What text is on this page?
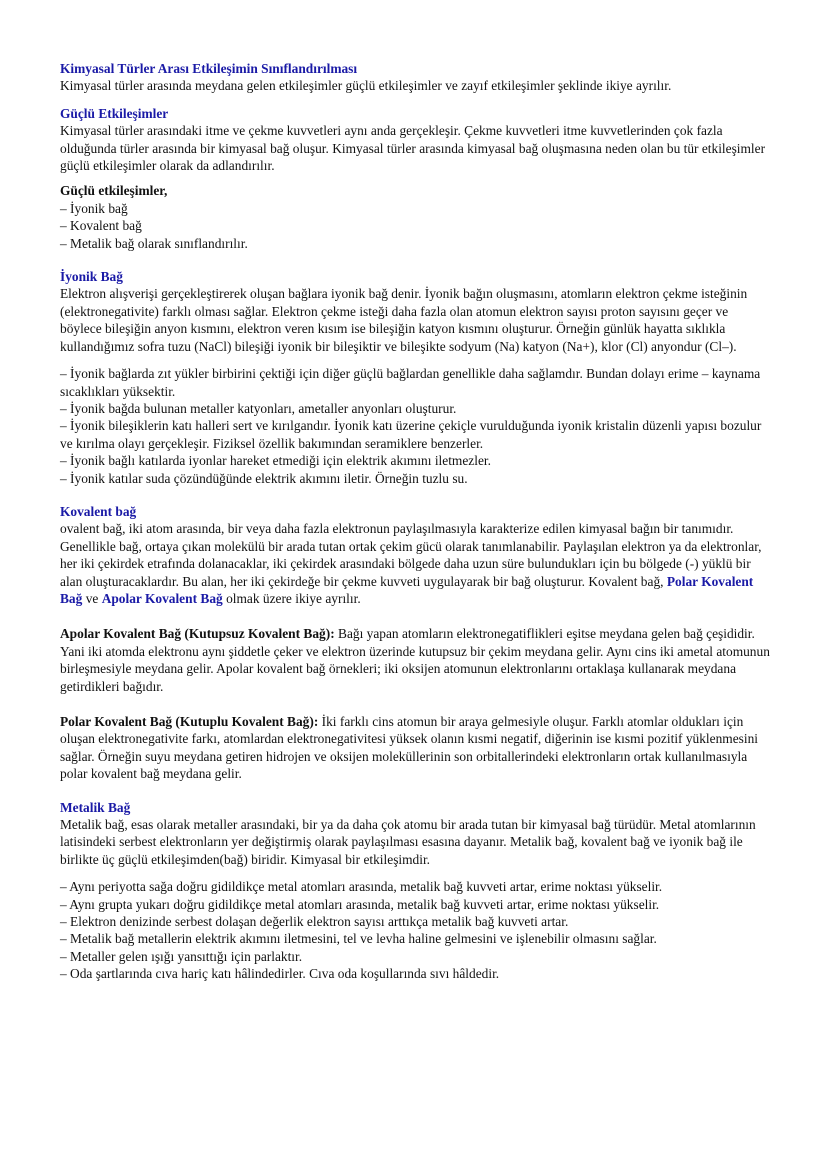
Kimyasal Türler Arası Etkileşimin Sınıflandırılması

Kimyasal türler arasında meydana gelen etkileşimler güçlü etkileşimler ve zayıf etkileşimler şeklinde ikiye ayrılır.

Güçlü Etkileşimler

Kimyasal türler arasındaki itme ve çekme kuvvetleri aynı anda gerçekleşir. Çekme kuvvetleri itme kuvvetlerinden çok fazla olduğunda türler arasında bir kimyasal bağ oluşur. Kimyasal türler arasında kimyasal bağ oluşmasına neden olan bu tür etkileşimler güçlü etkileşimler olarak da adlandırılır.

Güçlü etkileşimler,

– İyonik bağ
– Kovalent bağ
– Metalik bağ olarak sınıflandırılır.

İyonik Bağ

Elektron alışverişi gerçekleştirerek oluşan bağlara iyonik bağ denir. İyonik bağın oluşmasını, atomların elektron çekme isteğinin (elektronegativite) farklı olması sağlar. Elektron çekme isteği daha fazla olan atomun elektron sayısı proton sayısını geçer ve böylece bileşiğin anyon kısmını, elektron veren kısım ise bileşiğin katyon kısmını oluşturur. Örneğin günlük hayatta sıklıkla kullandığımız sofra tuzu (NaCl) bileşiği iyonik bir bileşiktir ve bileşikte sodyum (Na) katyon (Na+), klor (Cl) anyondur (Cl–).

– İyonik bağlarda zıt yükler birbirini çektiği için diğer güçlü bağlardan genellikle daha sağlamdır. Bundan dolayı erime – kaynama sıcaklıkları yüksektir.
– İyonik bağda bulunan metaller katyonları, ametaller anyonları oluşturur.
– İyonik bileşiklerin katı halleri sert ve kırılgandır. İyonik katı üzerine çekiçle vurulduğunda iyonik kristalin düzenli yapısı bozulur ve kırılma olayı gerçekleşir. Fiziksel özellik bakımından seramiklere benzerler.
– İyonik bağlı katılarda iyonlar hareket etmediği için elektrik akımını iletmezler.
– İyonik katılar suda çözündüğünde elektrik akımını iletir. Örneğin tuzlu su.

Kovalent bağ

ovalent bağ, iki atom arasında, bir veya daha fazla elektronun paylaşılmasıyla karakterize edilen kimyasal bağın bir tanımıdır. Genellikle bağ, ortaya çıkan molekülü bir arada tutan ortak çekim gücü olarak tanımlanabilir. Paylaşılan elektron ya da elektronlar, her iki çekirdek etrafında dolanacaklar, iki çekirdek arasındaki bölgede daha uzun süre bulundukları için bu bölgede (-) yüklü bir alan oluşturacaklardır. Bu alan, her iki çekirdeğe bir çekme kuvveti uygulayarak bir bağ oluşturur. Kovalent bağ, Polar Kovalent Bağ ve Apolar Kovalent Bağ olmak üzere ikiye ayrılır.

Apolar Kovalent Bağ (Kutupsuz Kovalent Bağ): Bağı yapan atomların elektronegatiflikleri eşitse meydana gelen bağ çeşididir. Yani iki atomda elektronu aynı şiddetle çeker ve elektron üzerinde kutupsuz bir çekim meydana gelir. Aynı cins iki ametal atomunun birleşmesiyle meydana gelir. Apolar kovalent bağ örnekleri; iki oksijen atomunun elektronlarını ortaklaşa kullanarak meydana getirdikleri bağıdır.

Polar Kovalent Bağ (Kutuplu Kovalent Bağ): İki farklı cins atomun bir araya gelmesiyle oluşur. Farklı atomlar oldukları için oluşan elektronegativite farkı, atomlardan elektronegativitesi yüksek olanın kısmi negatif, diğerinin ise kısmi pozitif yüklenmesini sağlar. Örneğin suyu meydana getiren hidrojen ve oksijen moleküllerinin son orbitallerindeki elektronların ortak kullanılmasıyla polar kovalent bağ meydana gelir.

Metalik Bağ

Metalik bağ, esas olarak metaller arasındaki, bir ya da daha çok atomu bir arada tutan bir kimyasal bağ türüdür. Metal atomlarının latisindeki serbest elektronların yer değiştirmiş olarak paylaşılması esasına dayanır. Metalik bağ, kovalent bağ ve iyonik bağ ile birlikte üç güçlü etkileşimden(bağ) biridir. Kimyasal bir etkileşimdir.

– Aynı periyotta sağa doğru gidildikçe metal atomları arasında, metalik bağ kuvveti artar, erime noktası yükselir.
– Aynı grupta yukarı doğru gidildikçe metal atomları arasında, metalik bağ kuvveti artar, erime noktası yükselir.
– Elektron denizinde serbest dolaşan değerlik elektron sayısı arttıkça metalik bağ kuvveti artar.
– Metalik bağ metallerin elektrik akımını iletmesini, tel ve levha haline gelmesini ve işlenebilir olmasını sağlar.
– Metaller gelen ışığı yansıttığı için parlaktır.
– Oda şartlarında cıva hariç katı hâlindedirler. Cıva oda koşullarında sıvı hâldedir.
